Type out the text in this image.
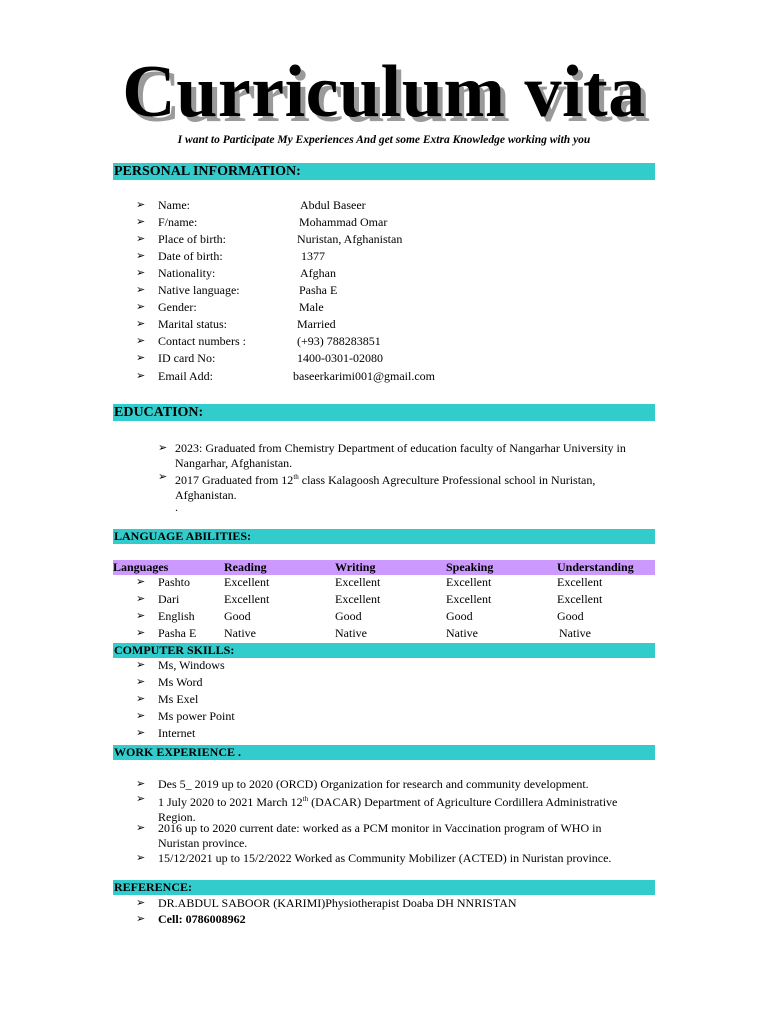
Curriculum vita
I want to Participate My Experiences And get some Extra Knowledge working with you
PERSONAL INFORMATION:
➢	Name:	Abdul Baseer
➢	F/name:	Mohammad Omar
➢	Place of birth:	Nuristan, Afghanistan
➢	Date of birth:	1377
➢	Nationality:	Afghan
➢	Native language:	Pasha E
➢	Gender:	Male
➢	Marital status:	Married
➢	Contact numbers :	(+93) 788283851
➢	ID card No:	1400-0301-02080
➢	Email Add:	baseerkarimi001@gmail.com
EDUCATION:
➢ 2023: Graduated from Chemistry Department of education faculty of Nangarhar University in
Nangarhar, Afghanistan.
➢ 2017 Graduated from 12th class Kalagoosh Agreculture Professional school in Nuristan,
Afghanistan.
.
LANGUAGE ABILITIES:
Languages	Reading	Writing	Speaking	Understanding
➢	Pashto	Excellent	Excellent	Excellent	Excellent
➢	Dari	Excellent	Excellent	Excellent	Excellent
➢	English Good	Good	Good	Good
➢	Pasha E Native	Native	Native	Native
COMPUTER SKILLS:
➢	Ms, Windows
➢	Ms Word
➢	Ms Exel
➢	Ms power Point
➢	Internet
WORK EXPERIENCE .
➢	Des 5_ 2019 up to 2020 (ORCD) Organization for research and community development.
➢	1 July 2020 to 2021 March 12th (DACAR) Department of Agriculture Cordillera Administrative
Region.
➢	2016 up to 2020 current date: worked as a PCM monitor in Vaccination program of WHO in
Nuristan province.
➢	15/12/2021 up to 15/2/2022 Worked as Community Mobilizer (ACTED) in Nuristan province.
REFERENCE:
➢	DR.ABDUL SABOOR (KARIMI)Physiotherapist Doaba DH NNRISTAN
➢	Cell: 0786008962
